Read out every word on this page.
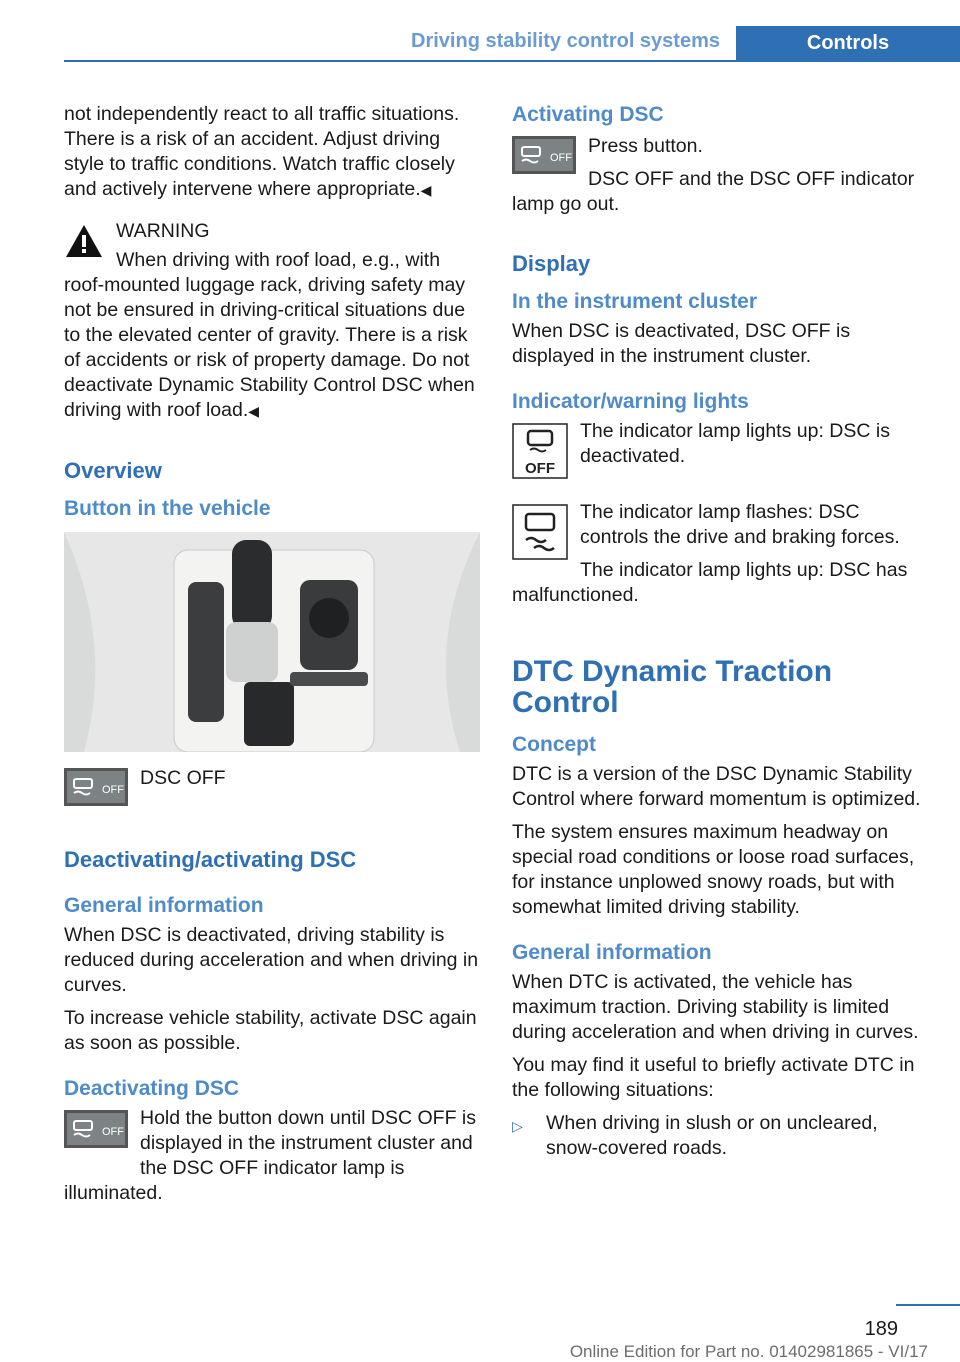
Driving stability control systems	Controls

not independently react to all traffic situations. There is a risk of an accident. Adjust driving style to traffic conditions. Watch traffic closely and actively intervene where appropriate.◀

WARNING

When driving with roof load, e.g., with roof-mounted luggage rack, driving safety may not be ensured in driving-critical situations due to the elevated center of gravity. There is a risk of accidents or risk of property damage. Do not deactivate Dynamic Stability Control DSC when driving with roof load.◀

Overview
Button in the vehicle
OFF

DSC OFF

Deactivating/activating DSC
General information

When DSC is deactivated, driving stability is reduced during acceleration and when driving in curves.

To increase vehicle stability, activate DSC again as soon as possible.

Deactivating DSC
OFF

Hold the button down until DSC OFF is displayed in the instrument cluster and the DSC OFF indicator lamp is illuminated.

Activating DSC
OFF

Press button.

DSC OFF and the DSC OFF indicator lamp go out.

Display
In the instrument cluster

When DSC is deactivated, DSC OFF is displayed in the instrument cluster.

Indicator/warning lights
OFF

The indicator lamp lights up: DSC is deactivated.

The indicator lamp flashes: DSC controls the drive and braking forces.

The indicator lamp lights up: DSC has malfunctioned.

DTC Dynamic Traction Control
Concept

DTC is a version of the DSC Dynamic Stability Control where forward momentum is optimized.

The system ensures maximum headway on special road conditions or loose road surfaces, for instance unplowed snowy roads, but with somewhat limited driving stability.

General information

When DTC is activated, the vehicle has maximum traction. Driving stability is limited during acceleration and when driving in curves.

You may find it useful to briefly activate DTC in the following situations:

▷ When driving in slush or on uncleared, snow-covered roads.
189
Online Edition for Part no. 01402981865 - VI/17
